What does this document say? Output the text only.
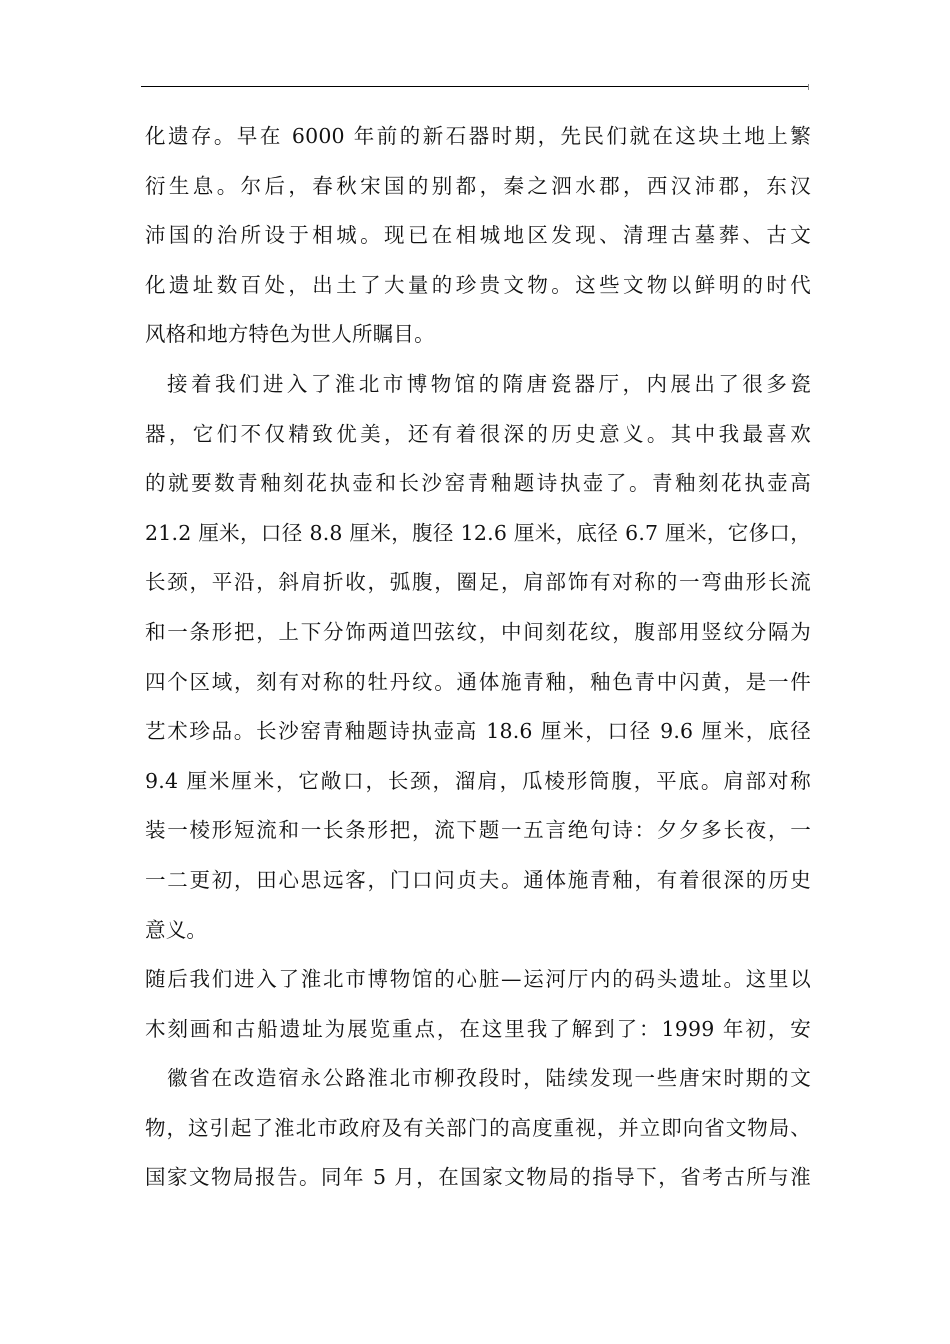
化遗存。早在 6000 年前的新石器时期，先民们就在这块土地上繁
衍生息。尔后，春秋宋国的别都，秦之泗水郡，西汉沛郡，东汉
沛国的治所设于相城。现已在相城地区发现、清理古墓葬、古文
化遗址数百处，出土了大量的珍贵文物。这些文物以鲜明的时代
风格和地方特色为世人所瞩目。
接着我们进入了淮北市博物馆的隋唐瓷器厅，内展出了很多瓷
器，它们不仅精致优美，还有着很深的历史意义。其中我最喜欢
的就要数青釉刻花执壶和长沙窑青釉题诗执壶了。青釉刻花执壶高
21.2 厘米，口径 8.8 厘米，腹径 12.6 厘米，底径 6.7 厘米，它侈口，
长颈，平沿，斜肩折收，弧腹，圈足，肩部饰有对称的一弯曲形长流
和一条形把，上下分饰两道凹弦纹，中间刻花纹，腹部用竖纹分隔为
四个区域，刻有对称的牡丹纹。通体施青釉，釉色青中闪黄，是一件
艺术珍品。长沙窑青釉题诗执壶高 18.6 厘米，口径 9.6 厘米，底径
9.4 厘米厘米，它敞口，长颈，溜肩，瓜棱形筒腹，平底。肩部对称
装一棱形短流和一长条形把，流下题一五言绝句诗：夕夕多长夜，一
一二更初，田心思远客，门口问贞夫。通体施青釉，有着很深的历史
意义。
随后我们进入了淮北市博物馆的心脏—运河厅内的码头遗址。这里以
木刻画和古船遗址为展览重点，在这里我了解到了：1999 年初，安
徽省在改造宿永公路淮北市柳孜段时，陆续发现一些唐宋时期的文
物，这引起了淮北市政府及有关部门的高度重视，并立即向省文物局、
国家文物局报告。同年 5 月，在国家文物局的指导下，省考古所与淮
